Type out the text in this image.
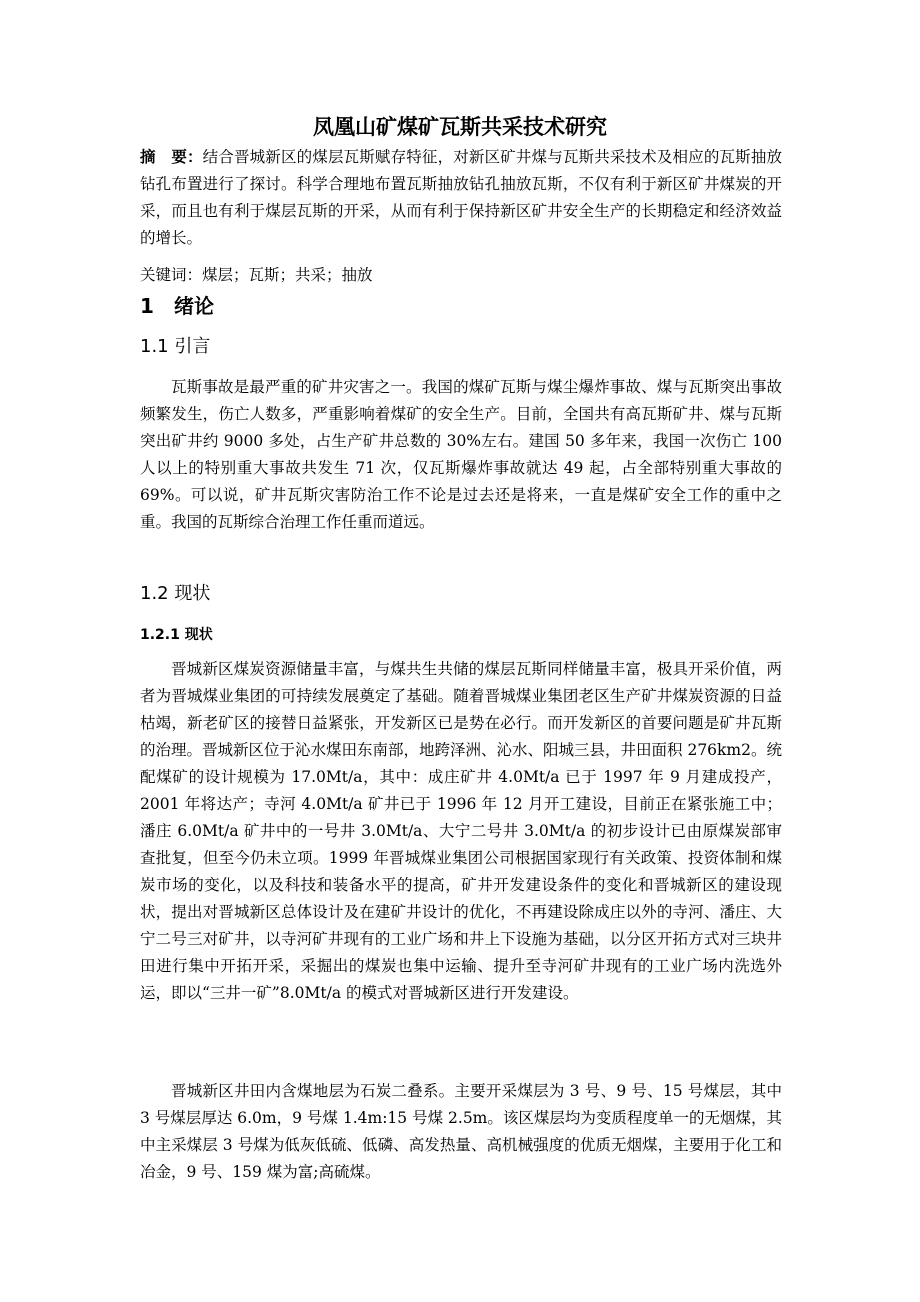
凤凰山矿煤矿瓦斯共采技术研究
摘　要：结合晋城新区的煤层瓦斯赋存特征，对新区矿井煤与瓦斯共采技术及相应的瓦斯抽放钻孔布置进行了探讨。科学合理地布置瓦斯抽放钻孔抽放瓦斯，不仅有利于新区矿井煤炭的开采，而且也有利于煤层瓦斯的开采，从而有利于保持新区矿井安全生产的长期稳定和经济效益的增长。
关键词：煤层；瓦斯；共采；抽放
1 绪论
1.1 引言
瓦斯事故是最严重的矿井灾害之一。我国的煤矿瓦斯与煤尘爆炸事故、煤与瓦斯突出事故频繁发生，伤亡人数多，严重影响着煤矿的安全生产。目前，全国共有高瓦斯矿井、煤与瓦斯突出矿井约 9000 多处，占生产矿井总数的 30%左右。建国 50 多年来，我国一次伤亡 100 人以上的特别重大事故共发生 71 次，仅瓦斯爆炸事故就达 49 起，占全部特别重大事故的 69%。可以说，矿井瓦斯灾害防治工作不论是过去还是将来，一直是煤矿安全工作的重中之重。我国的瓦斯综合治理工作任重而道远。
1.2 现状
1.2.1 现状
晋城新区煤炭资源储量丰富，与煤共生共储的煤层瓦斯同样储量丰富，极具开采价值，两者为晋城煤业集团的可持续发展奠定了基础。随着晋城煤业集团老区生产矿井煤炭资源的日益枯竭，新老矿区的接替日益紧张，开发新区已是势在必行。而开发新区的首要问题是矿井瓦斯的治理。晋城新区位于沁水煤田东南部，地跨泽洲、沁水、阳城三县，井田面积 276km2。统配煤矿的设计规模为 17.0Mt/a，其中：成庄矿井 4.0Mt/a 已于 1997 年 9 月建成投产，2001 年将达产；寺河 4.0Mt/a 矿井已于 1996 年 12 月开工建设，目前正在紧张施工中；潘庄 6.0Mt/a 矿井中的一号井 3.0Mt/a、大宁二号井 3.0Mt/a 的初步设计已由原煤炭部审查批复，但至今仍未立项。1999 年晋城煤业集团公司根据国家现行有关政策、投资体制和煤炭市场的变化，以及科技和装备水平的提高，矿井开发建设条件的变化和晋城新区的建设现状，提出对晋城新区总体设计及在建矿井设计的优化，不再建设除成庄以外的寺河、潘庄、大宁二号三对矿井，以寺河矿井现有的工业广场和井上下设施为基础，以分区开拓方式对三块井田进行集中开拓开采，采掘出的煤炭也集中运输、提升至寺河矿井现有的工业广场内洗选外运，即以“三井一矿”8.0Mt/a 的模式对晋城新区进行开发建设。
晋城新区井田内含煤地层为石炭二叠系。主要开采煤层为 3 号、9 号、15 号煤层，其中 3 号煤层厚达 6.0m，9 号煤 1.4m:15 号煤 2.5m。该区煤层均为变质程度单一的无烟煤，其中主采煤层 3 号煤为低灰低硫、低磷、高发热量、高机械强度的优质无烟煤，主要用于化工和冶金，9 号、159 煤为富;高硫煤。
